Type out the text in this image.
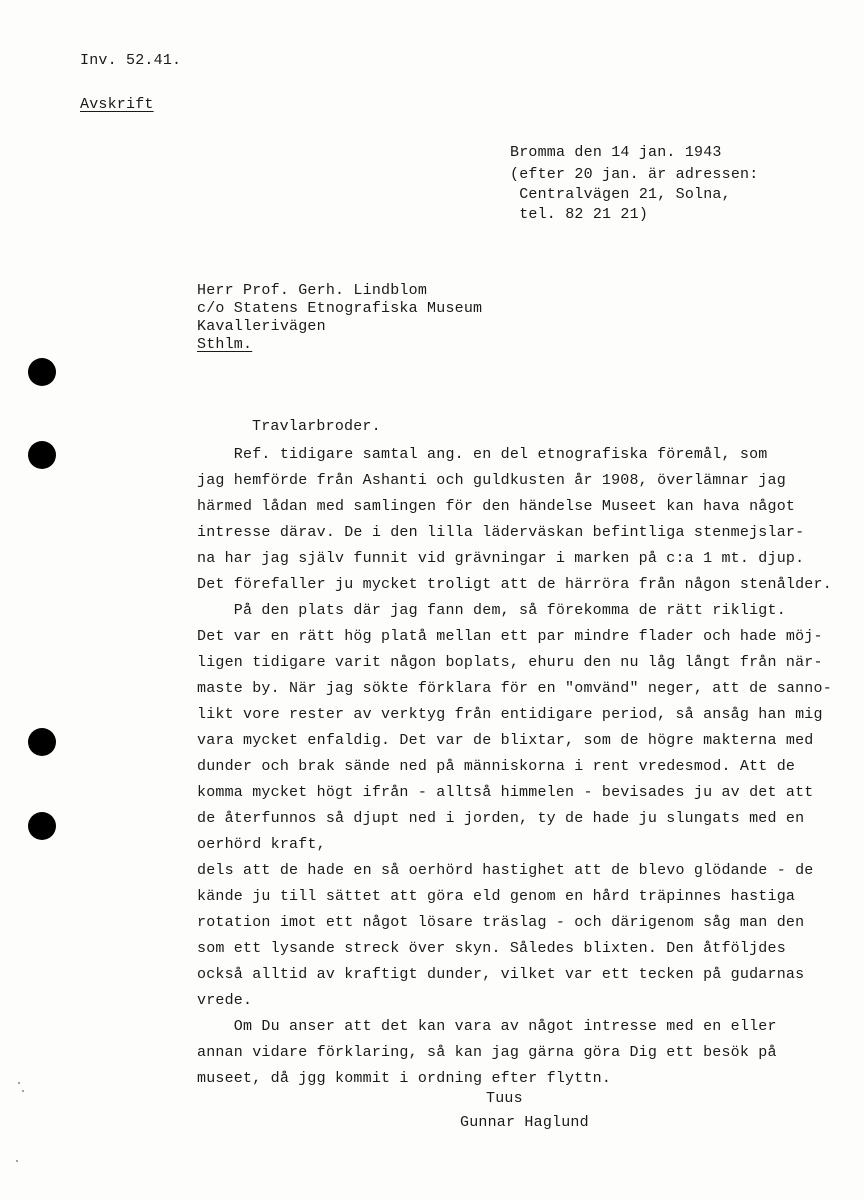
Inv. 52.41.
Avskrift
Bromma den 14 jan. 1943
(efter 20 jan. är adressen:
Centralvägen 21, Solna,
tel. 82 21 21)
Herr Prof. Gerh. Lindblom
c/o Statens Etnografiska Museum
Kavallerivägen
Sthlm.
Travlarbroder.
Ref. tidigare samtal ang. en del etnografiska föremål, som
jag hemförde från Ashanti och guldkusten år 1908, överlämnar jag
härmed lådan med samlingen för den händelse Museet kan hava något
intresse därav. De i den lilla läderväskan befintliga stenmejslar-
na har jag själv funnit vid grävningar i marken på c:a 1 mt. djup.
Det förefaller ju mycket troligt att de härröra från någon stenålder.
På den plats där jag fann dem, så förekomma de rätt rikligt.
Det var en rätt hög platå mellan ett par mindre flader och hade möj-
ligen tidigare varit någon boplats, ehuru den nu låg långt från när-
maste by. När jag sökte förklara för en "omvänd" neger, att de sanno-
likt vore rester av verktyg från entidigare period, så ansåg han mig
vara mycket enfaldig. Det var de blixtar, som de högre makterna med
dunder och brak sände ned på människorna i rent vredesmod. Att de
komma mycket högt ifrån - alltså himmelen - bevisades ju av det att
de återfunnos så djupt ned i jorden, ty de hade ju slungats med en
oerhörd kraft,
dels att de hade en så oerhörd hastighet att de blevo glödande - de
kände ju till sättet att göra eld genom en hård träpinnes hastiga
rotation imot ett något lösare träslag - och därigenom såg man den
som ett lysande streck över skyn. Således blixten. Den åtföljdes
också alltid av kraftigt dunder, vilket var ett tecken på gudarnas
vrede.
Om Du anser att det kan vara av något intresse med en eller
annan vidare förklaring, så kan jag gärna göra Dig ett besök på
museet, då jgg kommit i ordning efter flyttn.
Tuus
Gunnar Haglund
